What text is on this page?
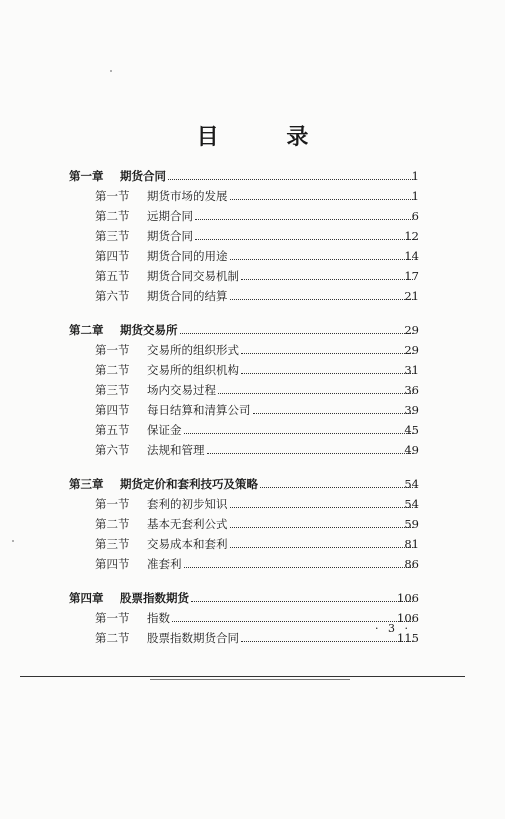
目 录
第一章 期货合同	1
第一节 期货市场的发展	1
第二节 远期合同	6
第三节 期货合同	12
第四节 期货合同的用途	14
第五节 期货合同交易机制	17
第六节 期货合同的结算	21
第二章 期货交易所	29
第一节 交易所的组织形式	29
第二节 交易所的组织机构	31
第三节 场内交易过程	36
第四节 每日结算和清算公司	39
第五节 保证金	45
第六节 法规和管理	49
第三章 期货定价和套利技巧及策略	54
第一节 套利的初步知识	54
第二节 基本无套利公式	59
第三节 交易成本和套利	81
第四节 准套利	86
第四章 股票指数期货	106
第一节 指数	106
第二节 股票指数期货合同	115
· 3 ·
